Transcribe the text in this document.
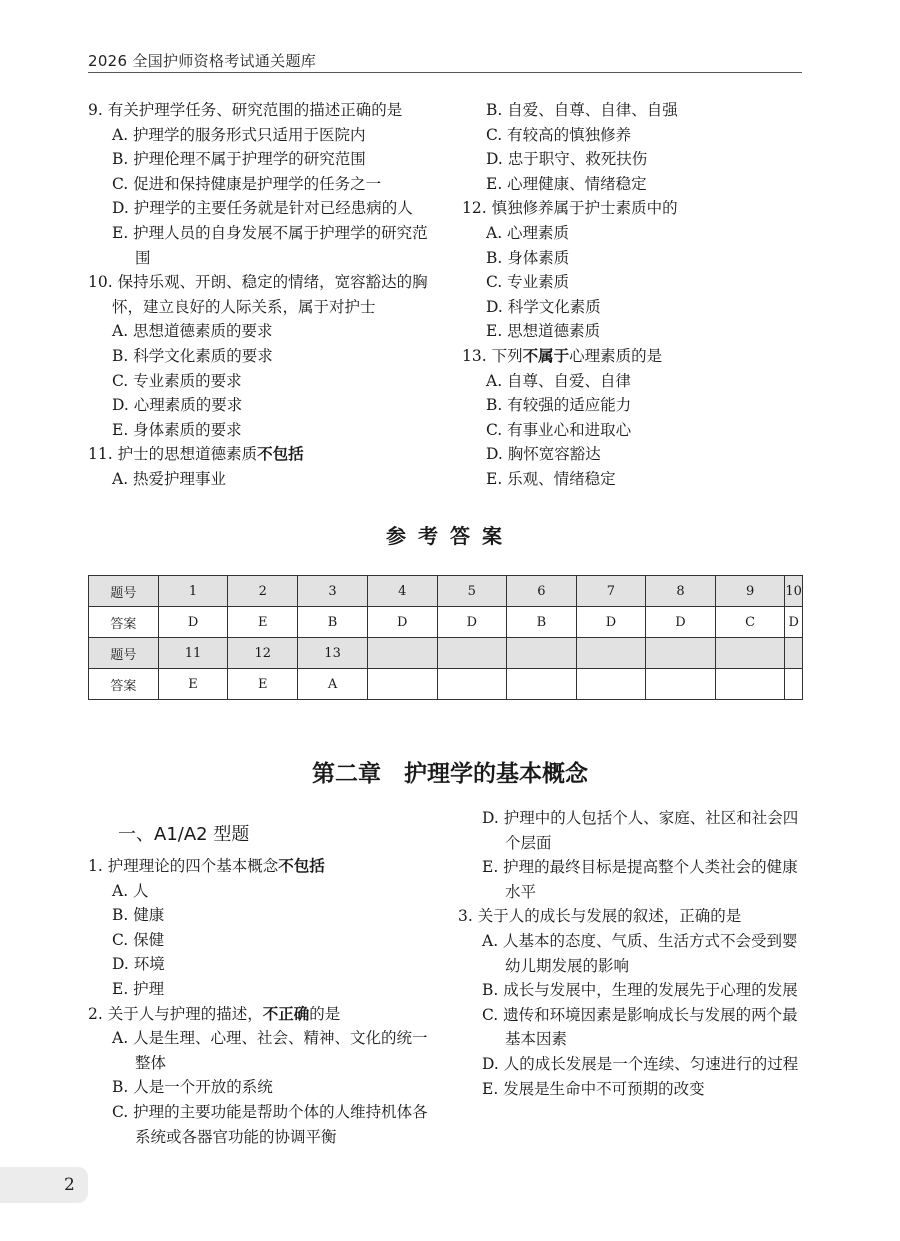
2026 全国护师资格考试通关题库

9. 有关护理学任务、研究范围的描述正确的是

A. 护理学的服务形式只适用于医院内

B. 护理伦理不属于护理学的研究范围

C. 促进和保持健康是护理学的任务之一

D. 护理学的主要任务就是针对已经患病的人

E. 护理人员的自身发展不属于护理学的研究范围

10. 保持乐观、开朗、稳定的情绪，宽容豁达的胸怀，建立良好的人际关系，属于对护士

A. 思想道德素质的要求

B. 科学文化素质的要求

C. 专业素质的要求

D. 心理素质的要求

E. 身体素质的要求

11. 护士的思想道德素质不包括

A. 热爱护理事业

B. 自爱、自尊、自律、自强

C. 有较高的慎独修养

D. 忠于职守、救死扶伤

E. 心理健康、情绪稳定

12. 慎独修养属于护士素质中的

A. 心理素质

B. 身体素质

C. 专业素质

D. 科学文化素质

E. 思想道德素质

13. 下列不属于心理素质的是

A. 自尊、自爱、自律

B. 有较强的适应能力

C. 有事业心和进取心

D. 胸怀宽容豁达

E. 乐观、情绪稳定

参考答案
题号	1	2	3	4	5	6	7	8	9	10
答案	D	E	B	D	D	B	D	D	C	D
题号	11	12	13							
答案	E	E	A							
第二章　护理学的基本概念
一、A1/A2 型题

1. 护理理论的四个基本概念不包括

A. 人

B. 健康

C. 保健

D. 环境

E. 护理

2. 关于人与护理的描述，不正确的是

A. 人是生理、心理、社会、精神、文化的统一整体

B. 人是一个开放的系统

C. 护理的主要功能是帮助个体的人维持机体各系统或各器官功能的协调平衡

D. 护理中的人包括个人、家庭、社区和社会四个层面

E. 护理的最终目标是提高整个人类社会的健康水平

3. 关于人的成长与发展的叙述，正确的是

A. 人基本的态度、气质、生活方式不会受到婴幼儿期发展的影响

B. 成长与发展中，生理的发展先于心理的发展

C. 遗传和环境因素是影响成长与发展的两个最基本因素

D. 人的成长发展是一个连续、匀速进行的过程

E. 发展是生命中不可预期的改变

2
